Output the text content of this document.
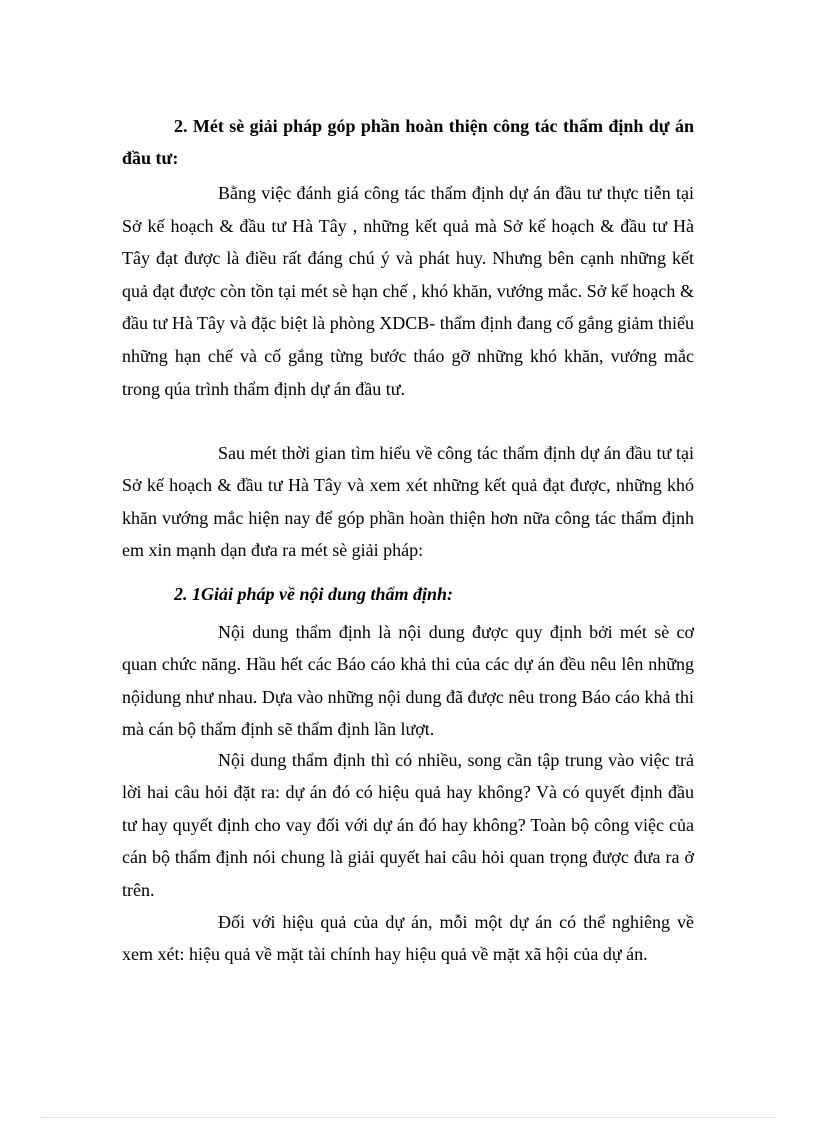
2. Mét sè giải pháp góp phần hoàn thiện công tác thẩm định dự án đầu tư:

Bằng việc đánh giá công tác thẩm định dự án đầu tư thực tiễn tại Sở kế hoạch & đầu tư Hà Tây , những kết quả mà Sở kế hoạch & đầu tư Hà Tây đạt được là điều rất đáng chú ý và phát huy. Nhưng bên cạnh những kết quả đạt được còn tồn tại mét sè hạn chế , khó khăn, vướng mắc. Sở kế hoạch & đầu tư Hà Tây và đặc biệt là phòng XDCB- thẩm định đang cố gắng giảm thiểu những hạn chế và cố gắng từng bước tháo gỡ những khó khăn, vướng mắc trong qúa trình thẩm định dự án đầu tư.

Sau mét thời gian tìm hiểu về công tác thẩm định dự án đầu tư tại Sở kế hoạch & đầu tư Hà Tây và xem xét những kết quả đạt được, những khó khăn vướng mắc hiện nay để góp phần hoàn thiện hơn nữa công tác thẩm định em xin mạnh dạn đưa ra mét sè giải pháp:

2. 1Giải pháp về nội dung thẩm định:

Nội dung thẩm định là nội dung được quy định bởi mét sè cơ quan chức năng. Hầu hết các Báo cáo khả thi của các dự án đều nêu lên những nộidung như nhau. Dựa vào những nội dung đã được nêu trong Báo cáo khả thi mà cán bộ thẩm định sẽ thẩm định lần lượt.

Nội dung thẩm định thì có nhiều, song cần tập trung vào việc trả lời hai câu hỏi đặt ra: dự án đó có hiệu quả hay không? Và có quyết định đầu tư hay quyết định cho vay đối với dự án đó hay không? Toàn bộ công việc của cán bộ thẩm định nói chung là giải quyết hai câu hỏi quan trọng được đưa ra ở trên.

Đối với hiệu quả của dự án, mỗi một dự án có thể nghiêng về xem xét: hiệu quả về mặt tài chính hay hiệu quả về mặt xã hội của dự án.
